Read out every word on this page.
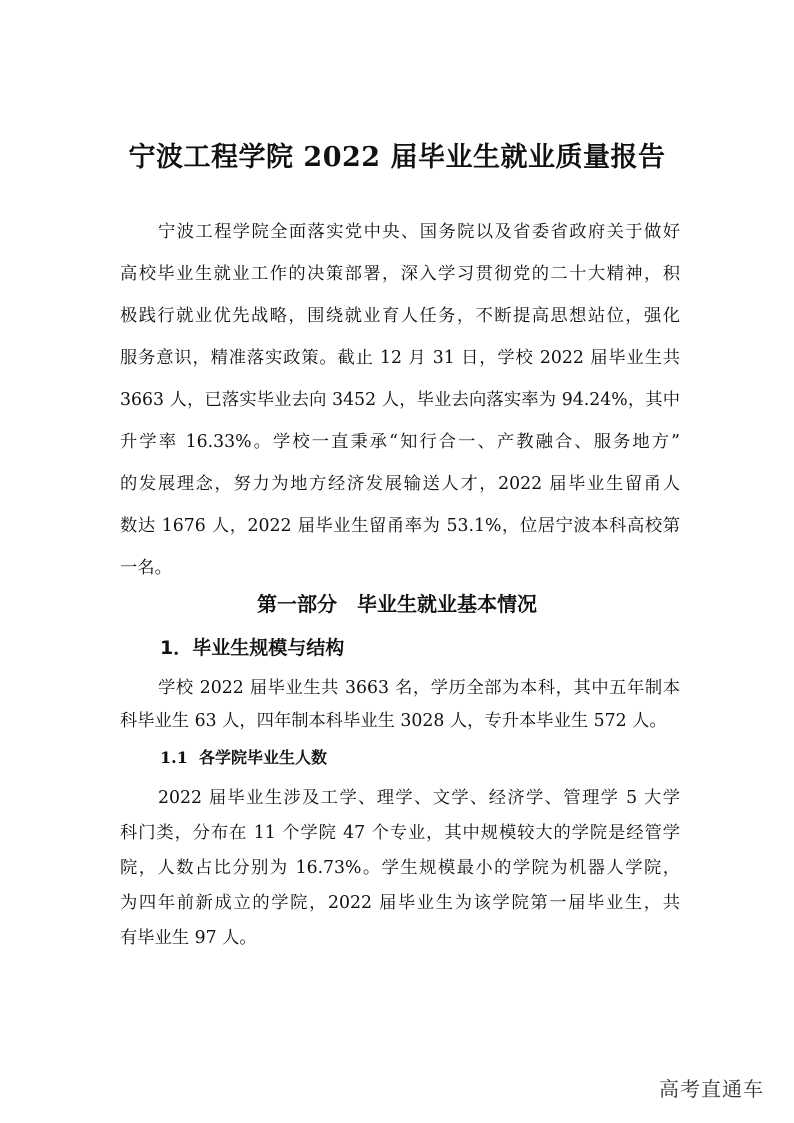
宁波工程学院 2022 届毕业生就业质量报告
宁波工程学院全面落实党中央、国务院以及省委省政府关于做好
高校毕业生就业工作的决策部署，深入学习贯彻党的二十大精神，积
极践行就业优先战略，围绕就业育人任务，不断提高思想站位，强化
服务意识，精准落实政策。截止 12 月 31 日，学校 2022 届毕业生共
3663 人，已落实毕业去向 3452 人，毕业去向落实率为 94.24%，其中
升学率 16.33%。学校一直秉承“知行合一、产教融合、服务地方”
的发展理念，努力为地方经济发展输送人才，2022 届毕业生留甬人
数达 1676 人，2022 届毕业生留甬率为 53.1%，位居宁波本科高校第
一名。
第一部分　毕业生就业基本情况
1．毕业生规模与结构
学校 2022 届毕业生共 3663 名，学历全部为本科，其中五年制本
科毕业生 63 人，四年制本科毕业生 3028 人，专升本毕业生 572 人。
1.1  各学院毕业生人数
2022 届毕业生涉及工学、理学、文学、经济学、管理学 5 大学
科门类，分布在 11 个学院 47 个专业，其中规模较大的学院是经管学
院，人数占比分别为 16.73%。学生规模最小的学院为机器人学院，
为四年前新成立的学院，2022 届毕业生为该学院第一届毕业生，共
有毕业生 97 人。
高考直通车
